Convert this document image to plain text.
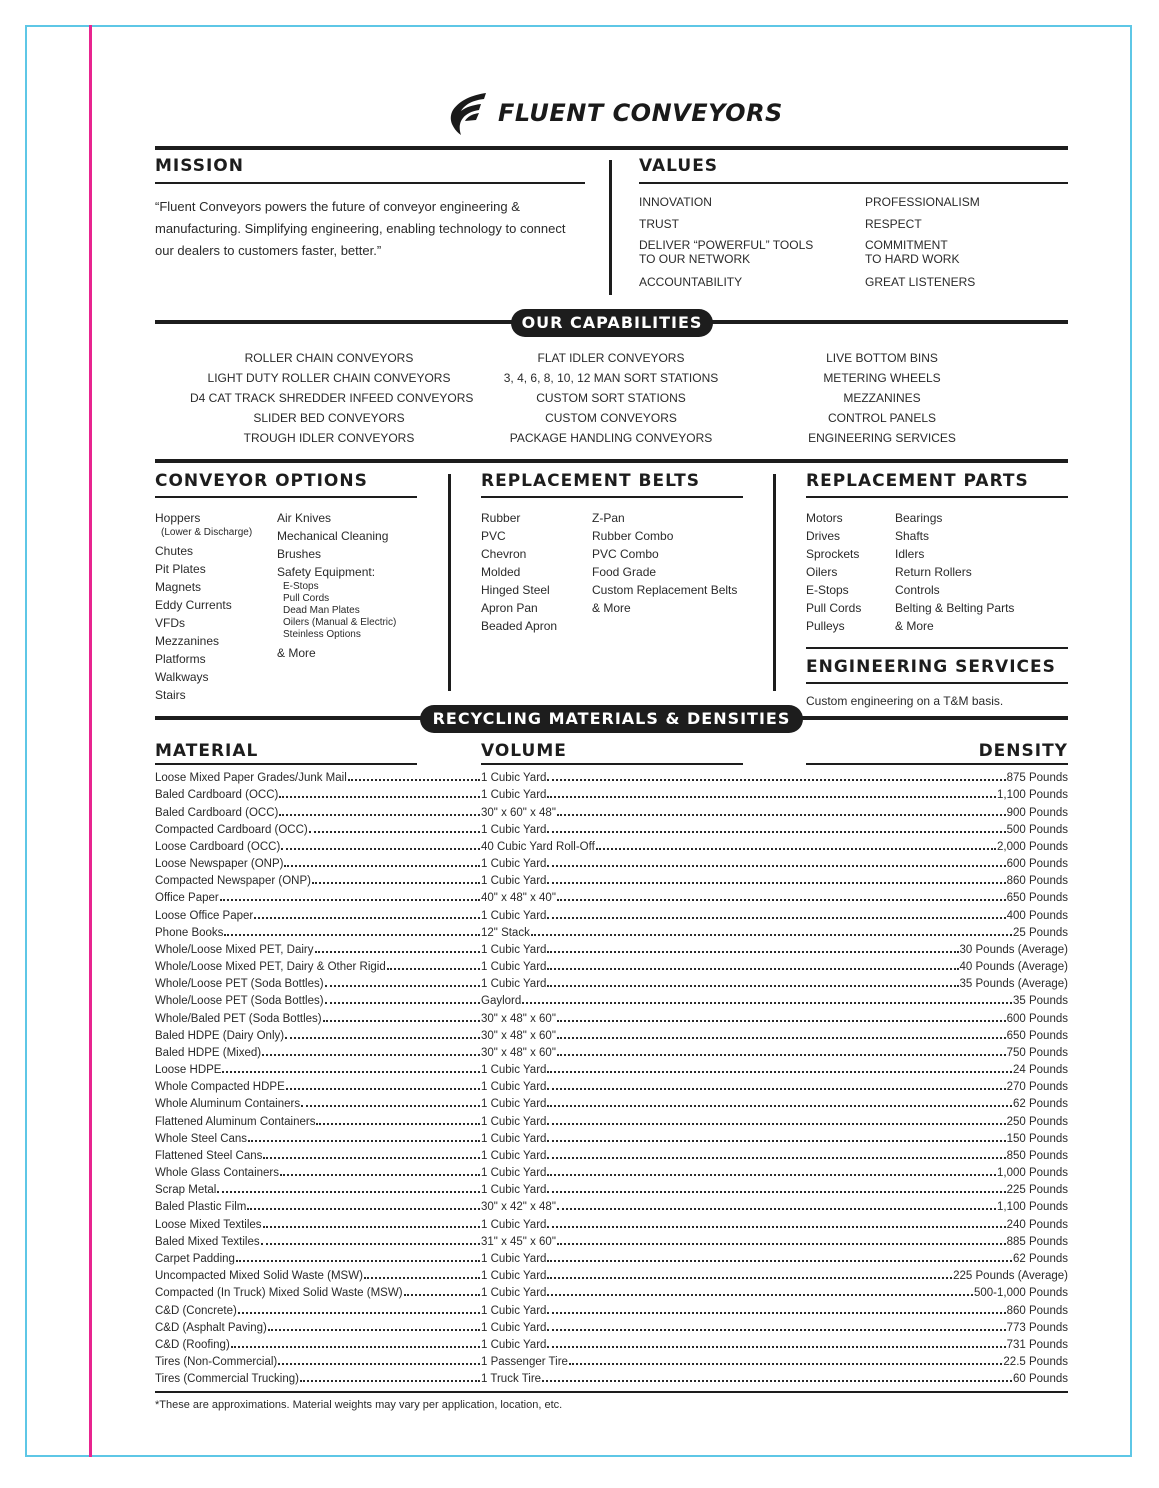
FLUENT CONVEYORS
MISSION
“Fluent Conveyors powers the future of conveyor engineering & manufacturing. Simplifying engineering, enabling technology to connect our dealers to customers faster, better.”
VALUES
INNOVATION	PROFESSIONALISM
TRUST	RESPECT
DELIVER “POWERFUL” TOOLS
TO OUR NETWORK
COMMITMENT
TO HARD WORK
ACCOUNTABILITY	GREAT LISTENERS
OUR CAPABILITIES
ROLLER CHAIN CONVEYORS
LIGHT DUTY ROLLER CHAIN CONVEYORS
D4 CAT TRACK SHREDDER INFEED CONVEYORS
SLIDER BED CONVEYORS
TROUGH IDLER CONVEYORS
FLAT IDLER CONVEYORS
3, 4, 6, 8, 10, 12 MAN SORT STATIONS
CUSTOM SORT STATIONS
CUSTOM CONVEYORS
PACKAGE HANDLING CONVEYORS
LIVE BOTTOM BINS
METERING WHEELS
MEZZANINES
CONTROL PANELS
ENGINEERING SERVICES
CONVEYOR OPTIONS
Hoppers
(Lower & Discharge)
Chutes
Pit Plates
Magnets
Eddy Currents
VFDs
Mezzanines
Platforms
Walkways
Stairs
Air Knives
Mechanical Cleaning
Brushes
Safety Equipment:
E-Stops
Pull Cords
Dead Man Plates
Oilers (Manual & Electric)
Steinless Options
& More
REPLACEMENT BELTS
Rubber
PVC
Chevron
Molded
Hinged Steel
Apron Pan
Beaded Apron
Z-Pan
Rubber Combo
PVC Combo
Food Grade
Custom Replacement Belts
& More
REPLACEMENT PARTS
Motors
Drives
Sprockets
Oilers
E-Stops
Pull Cords
Pulleys
Bearings
Shafts
Idlers
Return Rollers
Controls
Belting & Belting Parts
& More
ENGINEERING SERVICES
Custom engineering on a T&M basis.
RECYCLING MATERIALS & DENSITIES
MATERIAL	VOLUME	DENSITY
Loose Mixed Paper Grades/Junk Mail	1 Cubic Yard	875 Pounds
Baled Cardboard (OCC)	1 Cubic Yard	1,100 Pounds
Baled Cardboard (OCC)	30" x 60" x 48"	900 Pounds
Compacted Cardboard (OCC)	1 Cubic Yard	500 Pounds
Loose Cardboard (OCC)	40 Cubic Yard Roll-Off	2,000 Pounds
Loose Newspaper (ONP)	1 Cubic Yard	600 Pounds
Compacted Newspaper (ONP)	1 Cubic Yard	860 Pounds
Office Paper	40" x 48" x 40"	650 Pounds
Loose Office Paper	1 Cubic Yard	400 Pounds
Phone Books	12" Stack	25 Pounds
Whole/Loose Mixed PET, Dairy	1 Cubic Yard	30 Pounds (Average)
Whole/Loose Mixed PET, Dairy & Other Rigid	1 Cubic Yard	40 Pounds (Average)
Whole/Loose PET (Soda Bottles)	1 Cubic Yard	35 Pounds (Average)
Whole/Loose PET (Soda Bottles)	Gaylord	35 Pounds
Whole/Baled PET (Soda Bottles)	30" x 48" x 60"	600 Pounds
Baled HDPE (Dairy Only)	30" x 48" x 60"	650 Pounds
Baled HDPE (Mixed)	30" x 48" x 60"	750 Pounds
Loose HDPE	1 Cubic Yard	24 Pounds
Whole Compacted HDPE	1 Cubic Yard	270 Pounds
Whole Aluminum Containers	1 Cubic Yard	62 Pounds
Flattened Aluminum Containers	1 Cubic Yard	250 Pounds
Whole Steel Cans	1 Cubic Yard	150 Pounds
Flattened Steel Cans	1 Cubic Yard	850 Pounds
Whole Glass Containers	1 Cubic Yard	1,000 Pounds
Scrap Metal	1 Cubic Yard	225 Pounds
Baled Plastic Film	30" x 42" x 48"	1,100 Pounds
Loose Mixed Textiles	1 Cubic Yard	240 Pounds
Baled Mixed Textiles	31" x 45" x 60"	885 Pounds
Carpet Padding	1 Cubic Yard	62 Pounds
Uncompacted Mixed Solid Waste (MSW)	1 Cubic Yard	225 Pounds (Average)
Compacted (In Truck) Mixed Solid Waste (MSW)	1 Cubic Yard	500-1,000 Pounds
C&D (Concrete)	1 Cubic Yard	860 Pounds
C&D (Asphalt Paving)	1 Cubic Yard	773 Pounds
C&D (Roofing)	1 Cubic Yard	731 Pounds
Tires (Non-Commercial)	1 Passenger Tire	22.5 Pounds
Tires (Commercial Trucking)	1 Truck Tire	60 Pounds
*These are approximations. Material weights may vary per application, location, etc.
